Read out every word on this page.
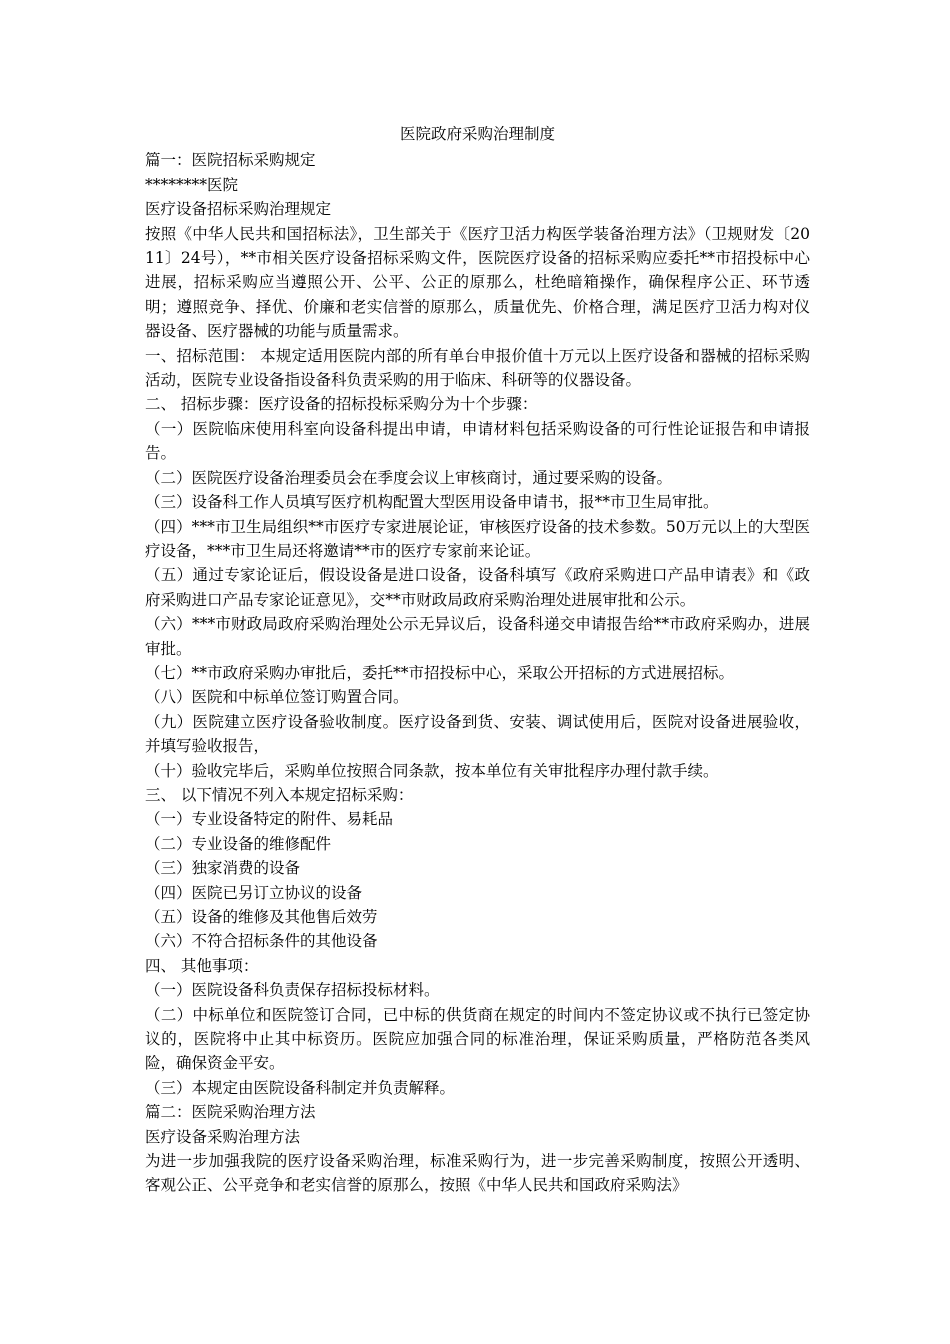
医院政府采购治理制度

篇一：医院招标采购规定

********医院

医疗设备招标采购治理规定

按照《中华人民共和国招标法》，卫生部关于《医疗卫活力构医学装备治理方法》（卫规财发〔2011〕24号），**市相关医疗设备招标采购文件，医院医疗设备的招标采购应委托**市招投标中心进展，招标采购应当遵照公开、公平、公正的原那么，杜绝暗箱操作，确保程序公正、环节透明；遵照竞争、择优、价廉和老实信誉的原那么，质量优先、价格合理，满足医疗卫活力构对仪器设备、医疗器械的功能与质量需求。

一、招标范围： 本规定适用医院内部的所有单台申报价值十万元以上医疗设备和器械的招标采购活动，医院专业设备指设备科负责采购的用于临床、科研等的仪器设备。

二、 招标步骤：医疗设备的招标投标采购分为十个步骤：

（一）医院临床使用科室向设备科提出申请，申请材料包括采购设备的可行性论证报告和申请报告。

（二）医院医疗设备治理委员会在季度会议上审核商讨，通过要采购的设备。

（三）设备科工作人员填写医疗机构配置大型医用设备申请书，报**市卫生局审批。

（四）***市卫生局组织**市医疗专家进展论证，审核医疗设备的技术参数。50万元以上的大型医疗设备，***市卫生局还将邀请**市的医疗专家前来论证。

（五）通过专家论证后，假设设备是进口设备，设备科填写《政府采购进口产品申请表》和《政府采购进口产品专家论证意见》，交**市财政局政府采购治理处进展审批和公示。

（六）***市财政局政府采购治理处公示无异议后，设备科递交申请报告给**市政府采购办，进展审批。

（七）**市政府采购办审批后，委托**市招投标中心，采取公开招标的方式进展招标。

（八）医院和中标单位签订购置合同。

（九）医院建立医疗设备验收制度。医疗设备到货、安装、调试使用后，医院对设备进展验收，并填写验收报告，

（十）验收完毕后，采购单位按照合同条款，按本单位有关审批程序办理付款手续。

三、 以下情况不列入本规定招标采购：

（一）专业设备特定的附件、易耗品

（二）专业设备的维修配件

（三）独家消费的设备

（四）医院已另订立协议的设备

（五）设备的维修及其他售后效劳

（六）不符合招标条件的其他设备

四、 其他事项：

（一）医院设备科负责保存招标投标材料。

（二）中标单位和医院签订合同，已中标的供货商在规定的时间内不签定协议或不执行已签定协议的，医院将中止其中标资历。医院应加强合同的标准治理，保证采购质量，严格防范各类风险，确保资金平安。

（三）本规定由医院设备科制定并负责解释。

篇二：医院采购治理方法

医疗设备采购治理方法

为进一步加强我院的医疗设备采购治理，标准采购行为，进一步完善采购制度，按照公开透明、客观公正、公平竞争和老实信誉的原那么，按照《中华人民共和国政府采购法》
